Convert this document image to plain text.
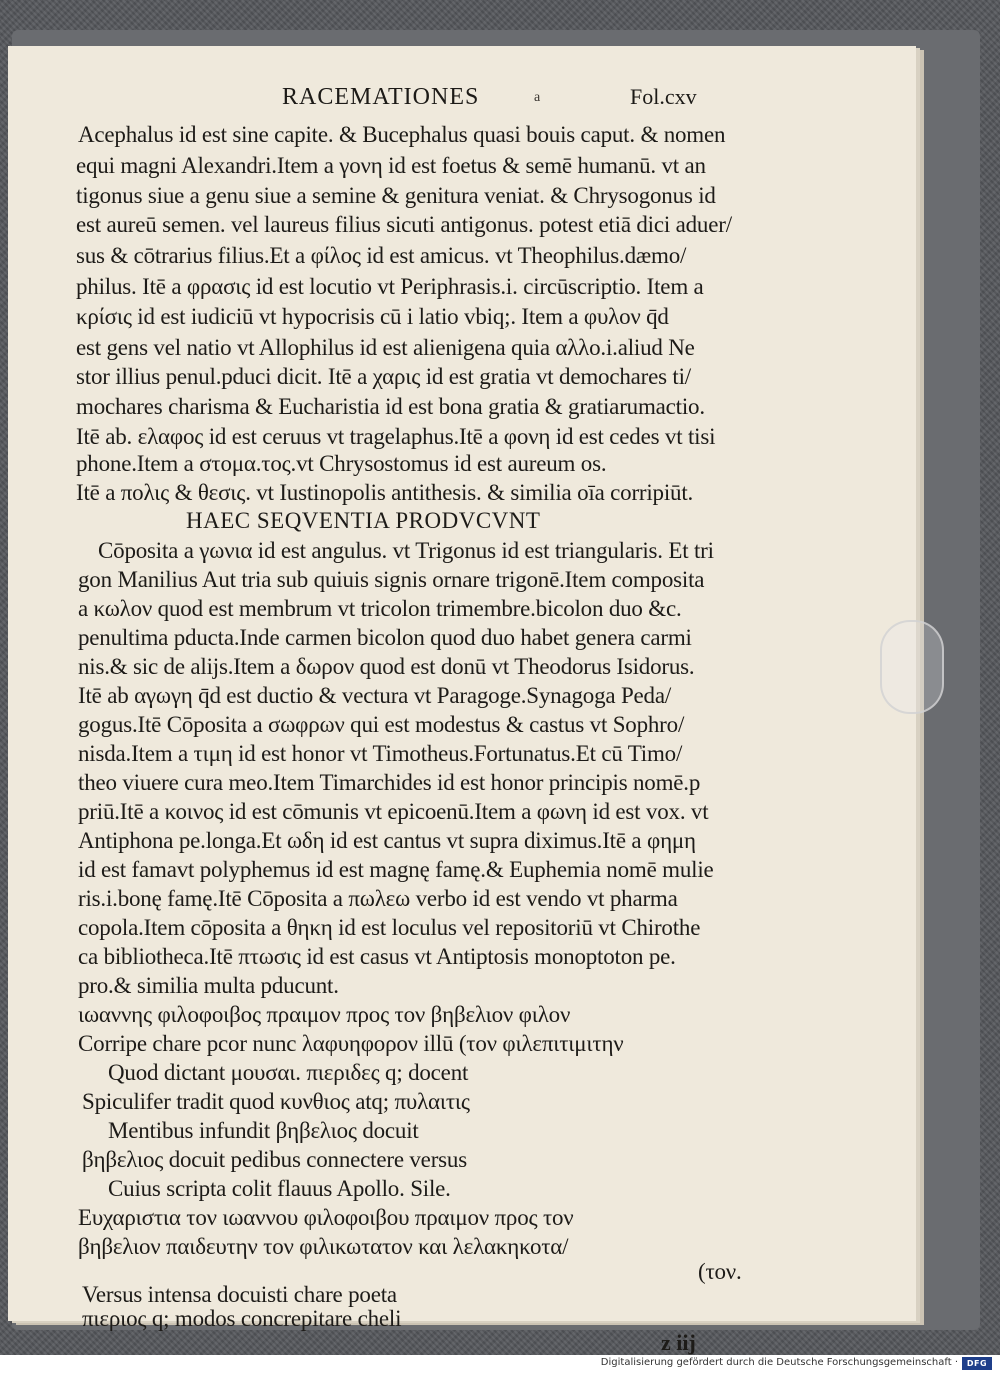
RACEMATIONES	a	Fol.cxv
Acephalus id est sine capite. & Bucephalus quasi bouis caput. & nomen
equi magni Alexandri.Item a γονη id est foetus & semē humanū. vt an
tigonus siue a genu siue a semine & genitura veniat. & Chrysogonus id
est aureū semen. vel laureus filius sicuti antigonus. potest etiā dici aduer/
sus & cōtrarius filius.Et a φίλος id est amicus. vt Theophilus.dæmo/
philus. Itē a φρασις id est locutio vt Periphrasis.i. circūscriptio. Item a
κρίσις id est iudiciū vt hypocrisis cū i latio vbiq;. Item a φυλον q̄d
est gens vel natio vt Allophilus id est alienigena quia αλλο.i.aliud Ne
stor illius penul.pduci dicit. Itē a χαρις id est gratia vt demochares ti/
mochares charisma & Eucharistia id est bona gratia & gratiarumactio.
Itē ab. ελαφος id est ceruus vt tragelaphus.Itē a φονη id est cedes vt tisi
phone.Item a στομα.τος.vt Chrysostomus id est aureum os.
Itē a πολις & θεσις. vt Iustinopolis antithesis. & similia oīa corripiūt.
HAEC SEQVENTIA PRODVCVNT
Cōposita a γωνια id est angulus. vt Trigonus id est triangularis. Et tri
gon Manilius Aut tria sub quiuis signis ornare trigonē.Item composita
a κωλον quod est membrum vt tricolon trimembre.bicolon duo &c.
penultima pducta.Inde carmen bicolon quod duo habet genera carmi
nis.& sic de alijs.Item a δωρον quod est donū vt Theodorus Isidorus.
Itē ab αγωγη q̄d est ductio & vectura vt Paragoge.Synagoga Peda/
gogus.Itē Cōposita a σωφρων qui est modestus & castus vt Sophro/
nisda.Item a τιμη id est honor vt Timotheus.Fortunatus.Et cū Timo/
theo viuere cura meo.Item Timarchides id est honor principis nomē.p
priū.Itē a κοινος id est cōmunis vt epicoenū.Item a φωνη id est vox. vt
Antiphona pe.longa.Et ωδη id est cantus vt supra diximus.Itē a φημη
id est famavt polyphemus id est magnę famę.& Euphemia nomē mulie
ris.i.bonę famę.Itē Cōposita a πωλεω verbo id est vendo vt pharma
copola.Item cōposita a θηκη id est loculus vel repositoriū vt Chirothe
ca bibliotheca.Itē πτωσις id est casus vt Antiptosis monoptoton pe.
pro.& similia multa pducunt.
ιωαννης φιλοφοιβος πραιμον προς τον βηβελιον φιλον
Corripe chare pcor nunc λαφυηφορον illū (τον φιλεπιτιμιτην
Quod dictant μουσαι. πιεριδες q; docent
Spiculifer tradit quod κυνθιος atq; πυλαιτις
Mentibus infundit βηβελιος docuit
βηβελιος docuit pedibus connectere versus
Cuius scripta colit flauus Apollo. Sile.
Ευχαριστια τον ιωαννου φιλοφοιβου πραιμον προς τον
βηβελιον παιδευτην τον φιλικωτατον και λελακηκοτα/
(τον.
Versus intensa docuisti chare poeta
πιεριος q; modos concrepitare cheli
z iij
Digitalisierung gefördert durch die Deutsche Forschungsgemeinschaft ·	DFG
